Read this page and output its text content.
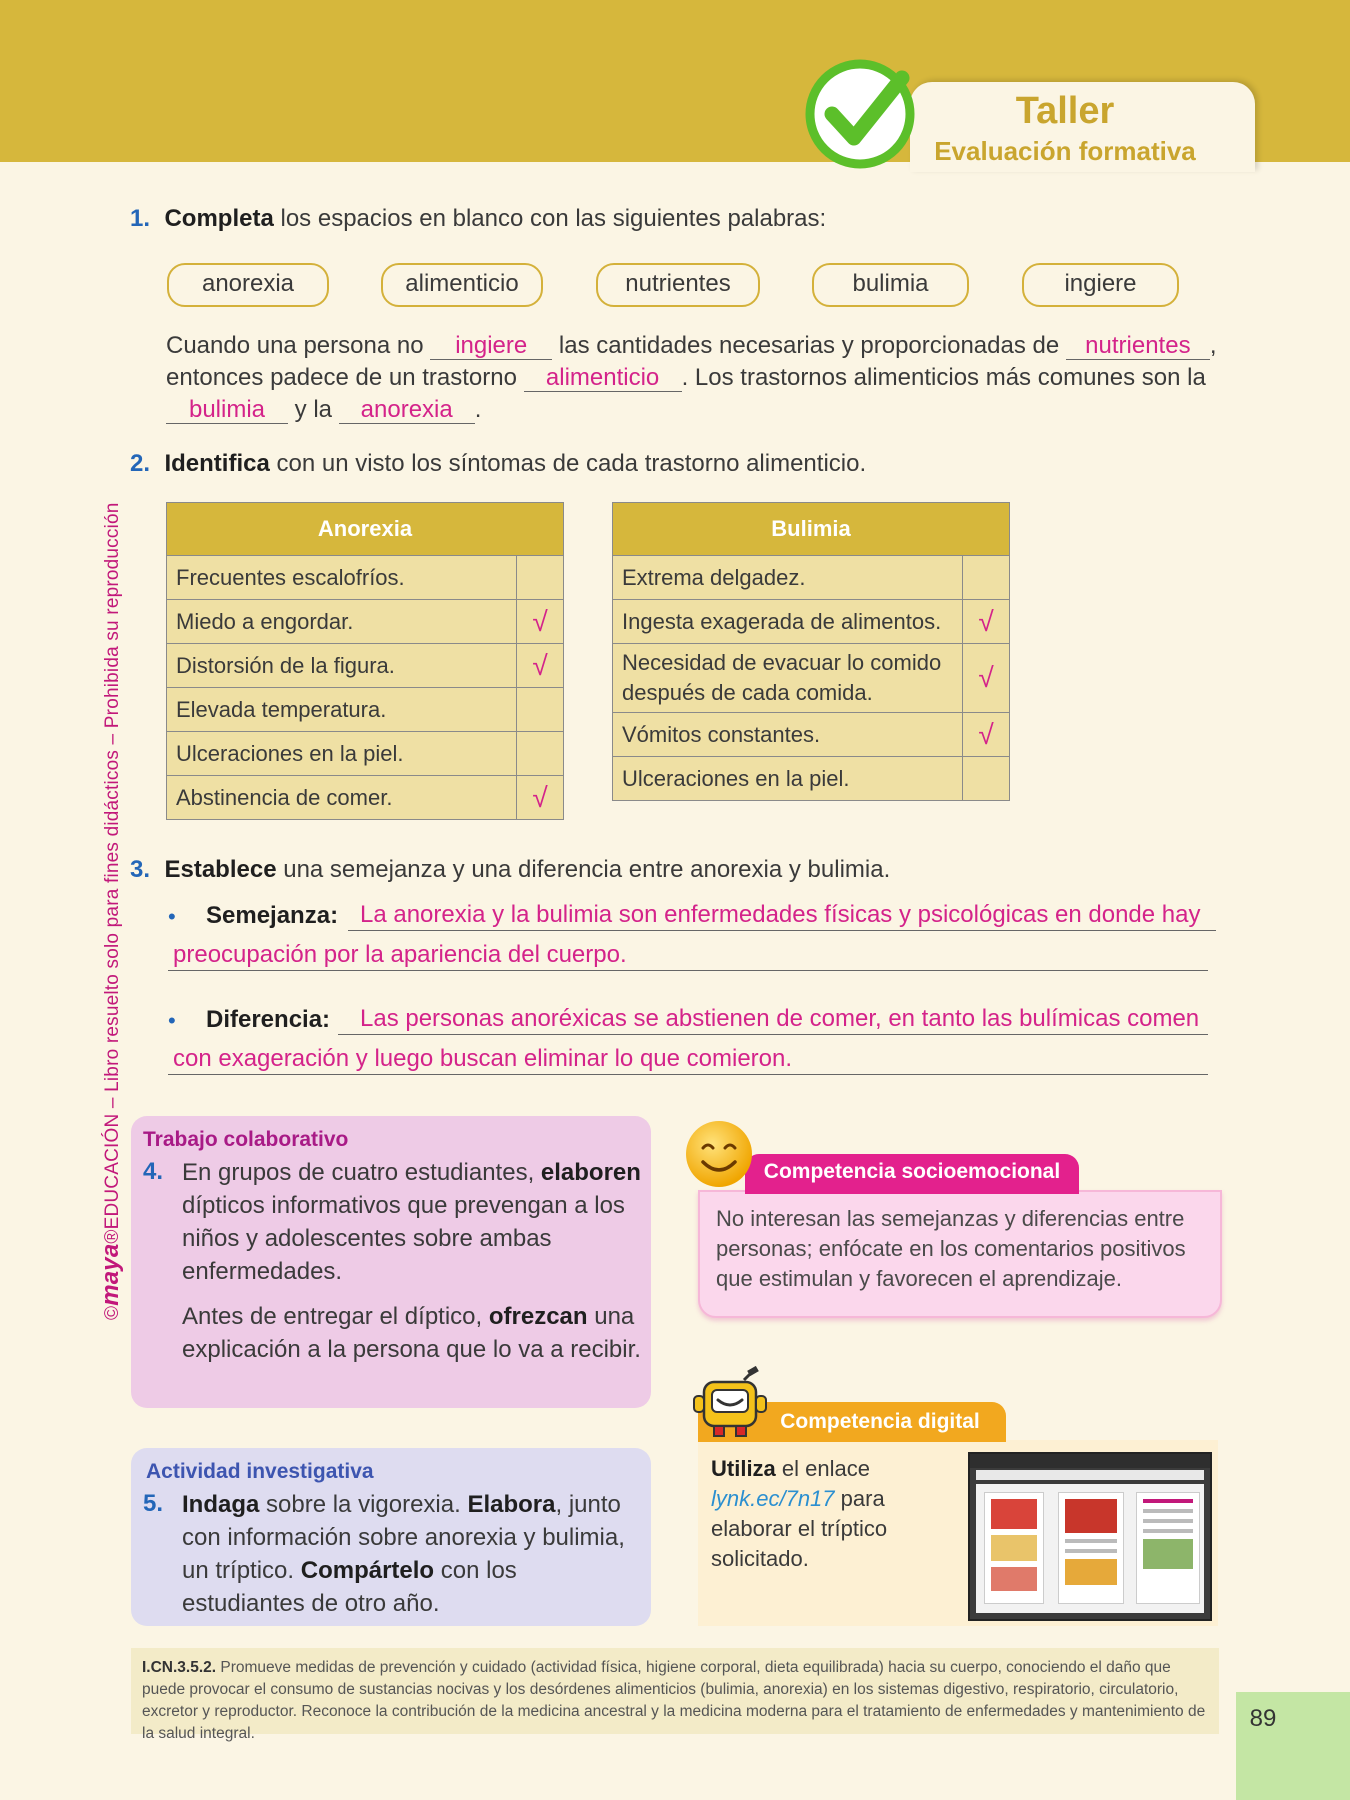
Taller
Evaluación formativa
©maya®EDUCACIÓN – Libro resuelto solo para fines didácticos – Prohibida su reproducción
1. Completa los espacios en blanco con las siguientes palabras:
anorexia	alimenticio	nutrientes	bulimia	ingiere
Cuando una persona no ingiere las cantidades necesarias y proporcionadas de nutrientes ,
entonces padece de un trastorno alimenticio . Los trastornos alimenticios más comunes son la
bulimia y la anorexia .
2. Identifica con un visto los síntomas de cada trastorno alimenticio.
Anorexia	
Frecuentes escalofríos.	
Miedo a engordar.	√
Distorsión de la figura.	√
Elevada temperatura.	
Ulceraciones en la piel.	
Abstinencia de comer.	√
Bulimia	
Extrema delgadez.	
Ingesta exagerada de alimentos.	√
Necesidad de evacuar lo comido después de cada comida.	√
Vómitos constantes.	√
Ulceraciones en la piel.	
3. Establece una semejanza y una diferencia entre anorexia y bulimia.
• Semejanza: La anorexia y la bulimia son enfermedades físicas y psicológicas en donde hay
preocupación por la apariencia del cuerpo.
• Diferencia:	Las personas anoréxicas se abstienen de comer, en tanto las bulímicas comen
con exageración y luego buscan eliminar lo que comieron.
Trabajo colaborativo
4. En grupos de cuatro estudiantes, elaboren dípticos informativos que prevengan a los niños y adolescentes sobre ambas enfermedades.
Antes de entregar el díptico, ofrezcan una explicación a la persona que lo va a recibir.
Actividad investigativa
5. Indaga sobre la vigorexia. Elabora, junto con información sobre anorexia y bulimia, un tríptico. Compártelo con los estudiantes de otro año.
Competencia socioemocional
No interesan las semejanzas y diferencias entre personas; enfócate en los comentarios positivos que estimulan y favorecen el aprendizaje.
Competencia digital
Utiliza el enlace lynk.ec/7n17 para elaborar el tríptico solicitado.
I.CN.3.5.2. Promueve medidas de prevención y cuidado (actividad física, higiene corporal, dieta equilibrada) hacia su cuerpo, conociendo el daño que puede provocar el consumo de sustancias nocivas y los desórdenes alimenticios (bulimia, anorexia) en los sistemas digestivo, respiratorio, circulatorio, excretor y reproductor. Reconoce la contribución de la medicina ancestral y la medicina moderna para el tratamiento de enfermedades y mantenimiento de la salud integral.
89
